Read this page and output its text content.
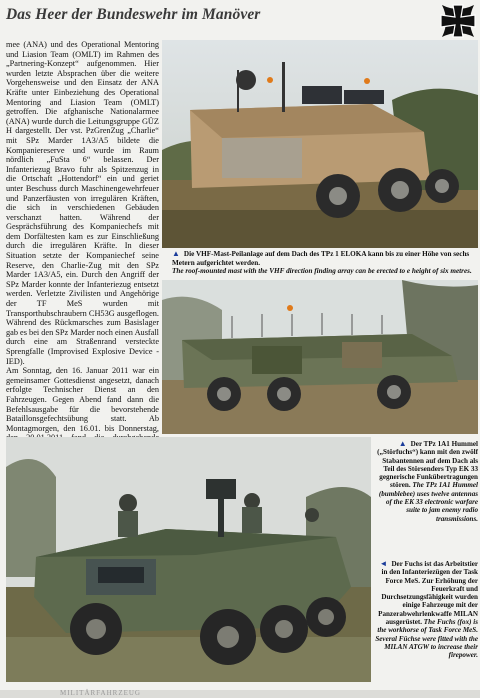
Das Heer der Bundeswehr im Manöver

mee (ANA) und des Operational Mentoring und Liasion Team (OMLT) im Rahmen des „Partnering-Konzept“ aufgenommen. Hier wurden letzte Absprachen über die weitere Vorgehensweise und den Einsatz der ANA Kräfte unter Einbeziehung des Operational Mentoring and Liasion Team (OMLT) getroffen. Die afghanische Nationalarmee (ANA) wurde durch die Leitungsgruppe GÜZ H dargestellt. Der vst. PzGrenZug „Charlie“ mit SPz Marder 1A3/A5 bildete die Kompaniereserve und wurde im Raum nördlich „FuSta 6“ belassen. Der Infanteriezug Bravo fuhr als Spitzenzug in die Ortschaft „Hottendorf“ ein und geriet unter Beschuss durch Maschinengewehrfeuer und Panzerfäusten von irregulären Kräften, die sich in verschiedenen Gebäuden verschanzt hatten. Während der Gesprächsführung des Kompaniechefs mit dem Dorfältesten kam es zur Einschließung durch die irregulären Kräfte. In dieser Situation setzte der Kompaniechef seine Reserve, den Charlie-Zug mit den SPz Marder 1A3/A5, ein. Durch den Angriff der SPz Marder konnte der Infanteriezug entsetzt werden. Verletzte Zivilisten und Angehörige der TF MeS wurden mit Transporthubschraubern CH53G ausgeflogen. Während des Rückmarsches zum Basislager gab es bei den SPz Marder noch einen Ausfall durch eine am Straßenrand versteckte Sprengfalle (Improvised Explosive Device - IED).

Am Sonntag, den 16. Januar 2011 war ein gemeinsamer Gottesdienst angesetzt, danach erfolgte Technischer Dienst an den Fahrzeugen. Gegen Abend fand dann die Befehlsausgabe für die bevorstehende Bataillonsgefechtsübung statt. Ab Montagmorgen, den 16.01. bis Donnerstag,

▲ Die VHF-Mast-Peilanlage auf dem Dach des TPz 1 ELOKA kann bis zu einer Höhe von sechs Metern aufgerichtet werden.
The roof-mounted mast with the VHF direction finding array can be erected to e height of six metres.
▲ Der TPz 1A1 Hummel („Störfuchs“) kann mit den zwölf Stabantennen auf dem Dach als Teil des Störsenders Typ EK 33 gegnerische Funkübertragungen stören. The TPz 1A1 Hummel (bumblebee) uses twelve antennas of the EK 33 electronic warfare suite to jam enemy radio transmissions.
◄ Der Fuchs ist das Arbeitstier in den Infanteriezügen der Task Force MeS. Zur Erhöhung der Feuerkraft und Durchsetzungsfähigkeit wurden einige Fahrzeuge mit der Panzerabwehrlenkwaffe MILAN ausgerüstet. The Fuchs (fox) is the workhorse of Task Force MeS. Several Füchse were fitted with the MILAN ATGW to increase their firepower.
MILITÄRFAHRZEUG
